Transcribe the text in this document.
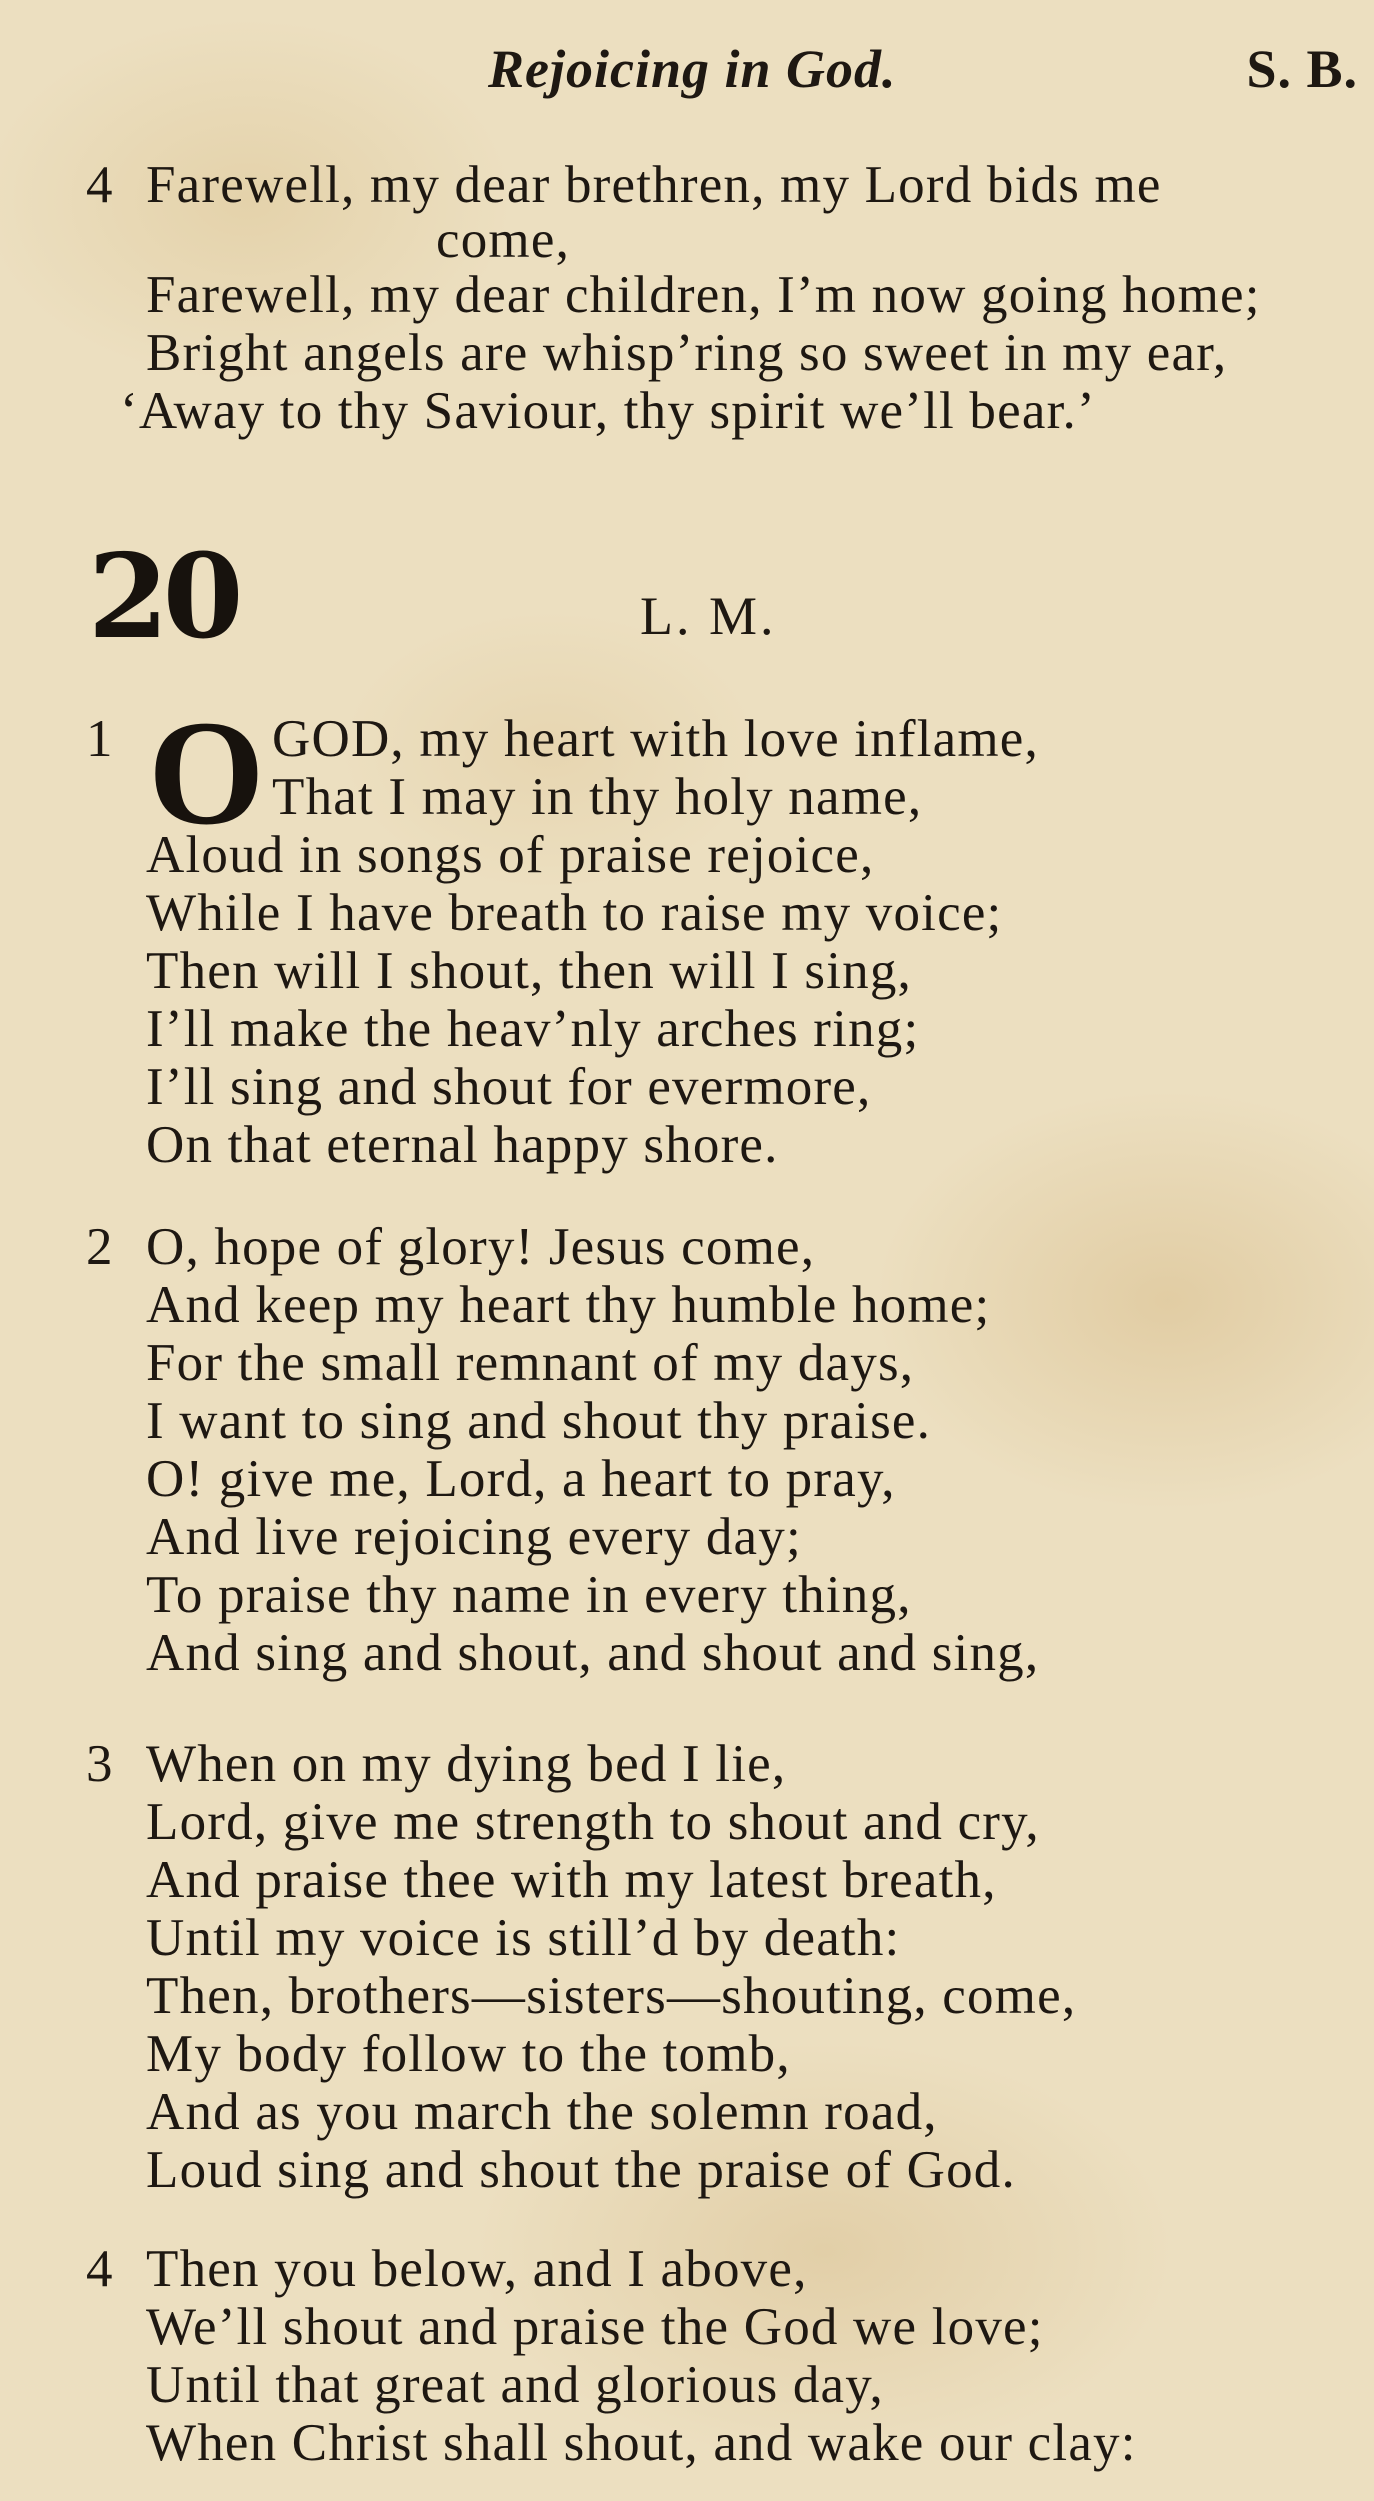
Rejoicing in God.	S. B.
4 Farewell, my dear brethren, my Lord bids me
come,
Farewell, my dear children, I’m now going home;
Bright angels are whisp’ring so sweet in my ear,
‘Away to thy Saviour, thy spirit we’ll bear.’
20	L. M.
1 O GOD, my heart with love inflame,
That I may in thy holy name,
Aloud in songs of praise rejoice,
While I have breath to raise my voice;
Then will I shout, then will I sing,
I’ll make the heav’nly arches ring;
I’ll sing and shout for evermore,
On that eternal happy shore.
2 O, hope of glory! Jesus come,
And keep my heart thy humble home;
For the small remnant of my days,
I want to sing and shout thy praise.
O! give me, Lord, a heart to pray,
And live rejoicing every day;
To praise thy name in every thing,
And sing and shout, and shout and sing,
3 When on my dying bed I lie,
Lord, give me strength to shout and cry,
And praise thee with my latest breath,
Until my voice is still’d by death:
Then, brothers—sisters—shouting, come,
My body follow to the tomb,
And as you march the solemn road,
Loud sing and shout the praise of God.
4 Then you below, and I above,
We’ll shout and praise the God we love;
Until that great and glorious day,
When Christ shall shout, and wake our clay:
